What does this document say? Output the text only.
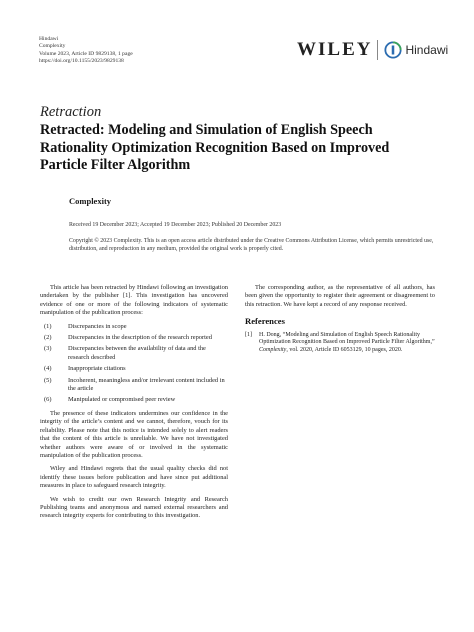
Hindawi
Complexity
Volume 2023, Article ID 9829138, 1 page
https://doi.org/10.1155/2023/9829138
WILEY	Hindawi
Retraction
Retracted: Modeling and Simulation of English Speech Rationality Optimization Recognition Based on Improved Particle Filter Algorithm
Complexity
Received 19 December 2023; Accepted 19 December 2023; Published 20 December 2023
Copyright © 2023 Complexity. This is an open access article distributed under the Creative Commons Attribution License, which permits unrestricted use, distribution, and reproduction in any medium, provided the original work is properly cited.

This article has been retracted by Hindawi following an investigation undertaken by the publisher [1]. This investigation has uncovered evidence of one or more of the following indicators of systematic manipulation of the publication process:

(1)	Discrepancies in scope
(2)	Discrepancies in the description of the research reported
(3)	Discrepancies between the availability of data and the research described
(4)	Inappropriate citations
(5)	Incoherent, meaningless and/or irrelevant content included in the article
(6)	Manipulated or compromised peer review

The presence of these indicators undermines our confidence in the integrity of the article’s content and we cannot, therefore, vouch for its reliability. Please note that this notice is intended solely to alert readers that the content of this article is unreliable. We have not investigated whether authors were aware of or involved in the systematic manipulation of the publication process.

Wiley and Hindawi regrets that the usual quality checks did not identify these issues before publication and have since put additional measures in place to safeguard research integrity.

We wish to credit our own Research Integrity and Research Publishing teams and anonymous and named external researchers and research integrity experts for contributing to this investigation.

The corresponding author, as the representative of all authors, has been given the opportunity to register their agreement or disagreement to this retraction. We have kept a record of any response received.

References
[1]	H. Dong, “Modeling and Simulation of English Speech Rationality Optimization Recognition Based on Improved Particle Filter Algorithm,” Complexity, vol. 2020, Article ID 6053129, 10 pages, 2020.
